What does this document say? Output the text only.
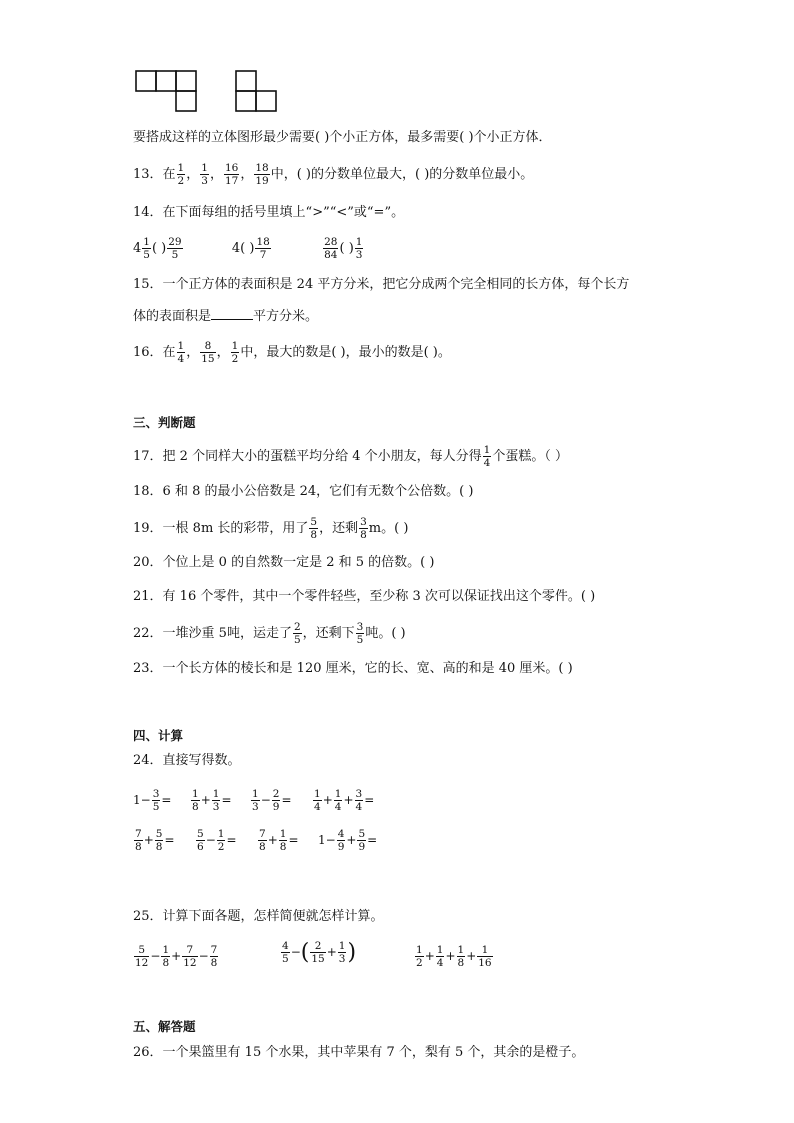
要搭成这样的立体图形最少需要( )个小正方体，最多需要( )个小正方体．
13．在 $\frac{1}{2}$ ， $\frac{1}{3}$ ， $\frac{16}{17}$ ， $\frac{18}{19}$ 中，( )的分数单位最大，( )的分数单位最小。
14．在下面每组的括号里填上“>”“<”或“=”。
$4 \frac{1}{5}$ ( ) $\frac{29}{5}$	4( ) $\frac{18}{7}$
	$\frac{28}{84}$ ( ) $\frac{1}{3}$
15．一个正方体的表面积是 24 平方分米，把它分成两个完全相同的长方体，每个长方
体的表面积是	平方分米。
16．在 $\frac{1}{4}$ ， $\frac{8}{15}$ ， $\frac{1}{2}$ 中，最大的数是( )，最小的数是( )。
三、判断题
17．把 2 个同样大小的蛋糕平均分给 4 个小朋友，每人分得 $\frac{1}{4}$ 个蛋糕。（ ）
18．6 和 8 的最小公倍数是 24，它们有无数个公倍数。( )
19．一根 8m 长的彩带，用了 $\frac{5}{8}$ ，还剩 $\frac{3}{8}$ m。( )
20．个位上是 0 的自然数一定是 2 和 5 的倍数。( )
21．有 16 个零件，其中一个零件轻些，至少称 3 次可以保证找出这个零件。( )
22．一堆沙重 5吨，运走了 $\frac{2}{5}$ ，还剩下 $\frac{3}{5}$ 吨。( )
23．一个长方体的棱长和是 120 厘米，它的长、宽、高的和是 40 厘米。( )
四、计算
24．直接写得数。
$1- \frac{3}{5} = \frac{1}{8} + \frac{1}{3} = \frac{1}{3} - \frac{2}{9} = \frac{1}{4} + \frac{1}{4} + \frac{3}{4}$ =
$\frac{7}{8} + \frac{5}{8} = \frac{5}{6} - \frac{1}{2} = \frac{7}{8} + \frac{1}{8} = 1- \frac{4}{9} + \frac{5}{9}$ =
25．计算下面各题，怎样简便就怎样计算。
$\frac{5}{12} - \frac{1}{8} + \frac{7}{12} - \frac{7}{8}$	$\frac{4}{5}$ −( $\frac{2}{15} + \frac{1}{3}$ )	$\frac{1}{2} + \frac{1}{4} + \frac{1}{8} + \frac{1}{16}$
五、解答题
26．一个果篮里有 15 个水果，其中苹果有 7 个，梨有 5 个，其余的是橙子。
